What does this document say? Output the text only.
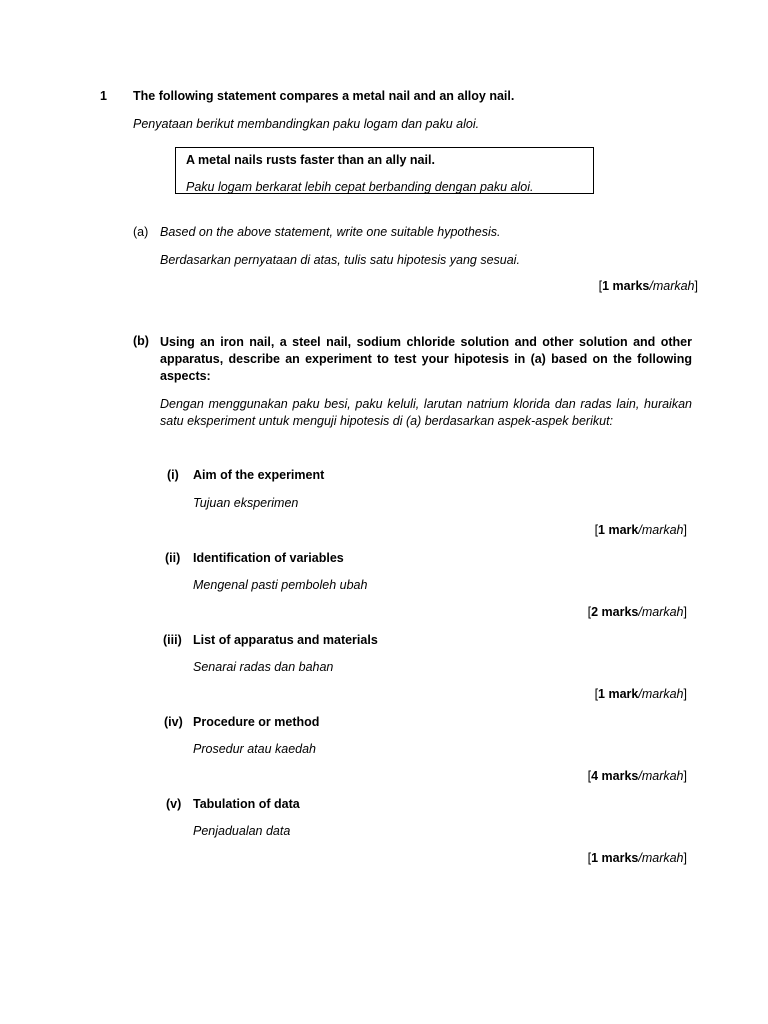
1 The following statement compares a metal nail and an alloy nail.
Penyataan berikut membandingkan paku logam dan paku aloi.
A metal nails rusts faster than an ally nail.
Paku logam berkarat lebih cepat berbanding dengan paku aloi.
(a) Based on the above statement, write one suitable hypothesis.
Berdasarkan pernyataan di atas, tulis satu hipotesis yang sesuai.
[1 marks/markah]
(b) Using an iron nail, a steel nail, sodium chloride solution and other solution and other apparatus, describe an experiment to test your hipotesis in (a) based on the following aspects:
Dengan menggunakan paku besi, paku keluli, larutan natrium klorida dan radas lain, huraikan satu eksperiment untuk menguji hipotesis di (a) berdasarkan aspek-aspek berikut:
(i) Aim of the experiment
Tujuan eksperimen
[1 mark/markah]
(ii) Identification of variables
Mengenal pasti pemboleh ubah
[2 marks/markah]
(iii) List of apparatus and materials
Senarai radas dan bahan
[1 mark/markah]
(iv) Procedure or method
Prosedur atau kaedah
[4 marks/markah]
(v) Tabulation of data
Penjadualan data
[1 marks/markah]
